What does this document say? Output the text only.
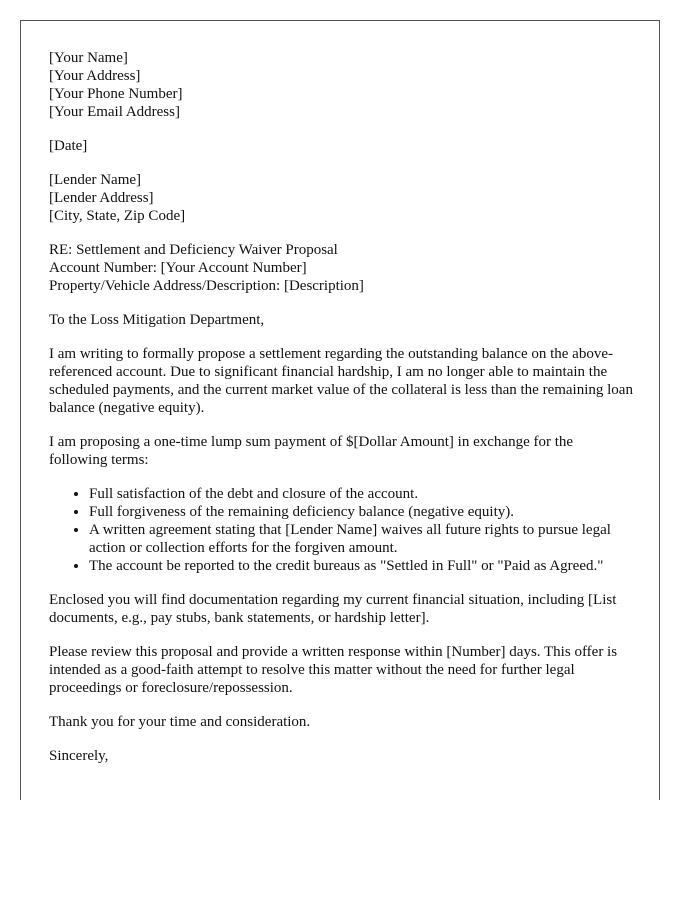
[Your Name]
[Your Address]
[Your Phone Number]
[Your Email Address]
[Date]
[Lender Name]
[Lender Address]
[City, State, Zip Code]
RE: Settlement and Deficiency Waiver Proposal
Account Number: [Your Account Number]
Property/Vehicle Address/Description: [Description]

To the Loss Mitigation Department,

I am writing to formally propose a settlement regarding the outstanding balance on the above-referenced account. Due to significant financial hardship, I am no longer able to maintain the scheduled payments, and the current market value of the collateral is less than the remaining loan balance (negative equity).

I am proposing a one-time lump sum payment of $[Dollar Amount] in exchange for the following terms:

• Full satisfaction of the debt and closure of the account.
• Full forgiveness of the remaining deficiency balance (negative equity).
• A written agreement stating that [Lender Name] waives all future rights to pursue legal action or collection efforts for the forgiven amount.
• The account be reported to the credit bureaus as "Settled in Full" or "Paid as Agreed."

Enclosed you will find documentation regarding my current financial situation, including [List documents, e.g., pay stubs, bank statements, or hardship letter].

Please review this proposal and provide a written response within [Number] days. This offer is intended as a good-faith attempt to resolve this matter without the need for further legal proceedings or foreclosure/repossession.

Thank you for your time and consideration.

Sincerely,
